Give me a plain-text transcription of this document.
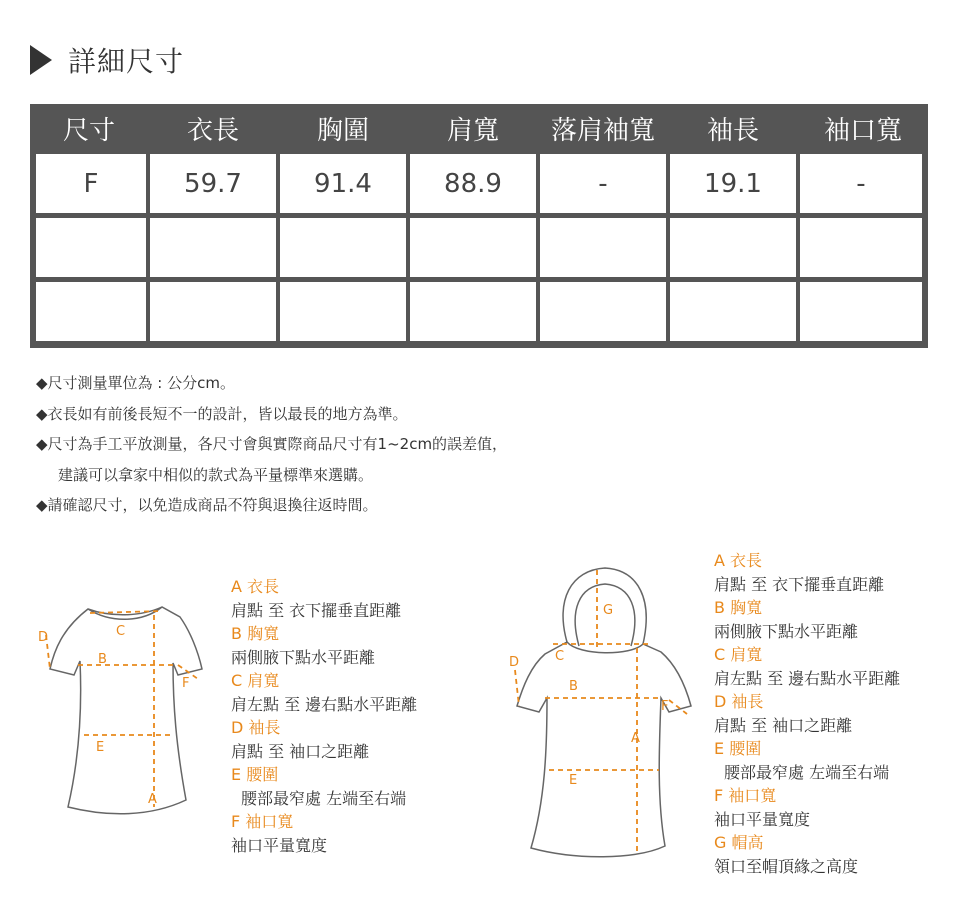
詳細尺寸
尺寸	衣長	胸圍	肩寬	落肩袖寬	袖長	袖口寬
F	59.7	91.4	88.9	-	19.1	-
◆尺寸測量單位為 : 公分cm。
◆衣長如有前後長短不一的設計，皆以最長的地方為準。
◆尺寸為手工平放測量，各尺寸會與實際商品尺寸有1~2cm的誤差值，
建議可以拿家中相似的款式為平量標準來選購。
◆請確認尺寸，以免造成商品不符與退換往返時間。
A
B
C
D
E
F
A 衣長
肩點 至 衣下擺垂直距離
B 胸寬
兩側腋下點水平距離
C 肩寬
肩左點 至 邊右點水平距離
D 袖長
肩點 至 袖口之距離
E 腰圍
腰部最窄處 左端至右端
F 袖口寬
袖口平量寬度
G
A
B
C
D
E
F
A 衣長
肩點 至 衣下擺垂直距離
B 胸寬
兩側腋下點水平距離
C 肩寬
肩左點 至 邊右點水平距離
D 袖長
肩點 至 袖口之距離
E 腰圍
腰部最窄處 左端至右端
F 袖口寬
袖口平量寬度
G 帽高
領口至帽頂緣之高度
